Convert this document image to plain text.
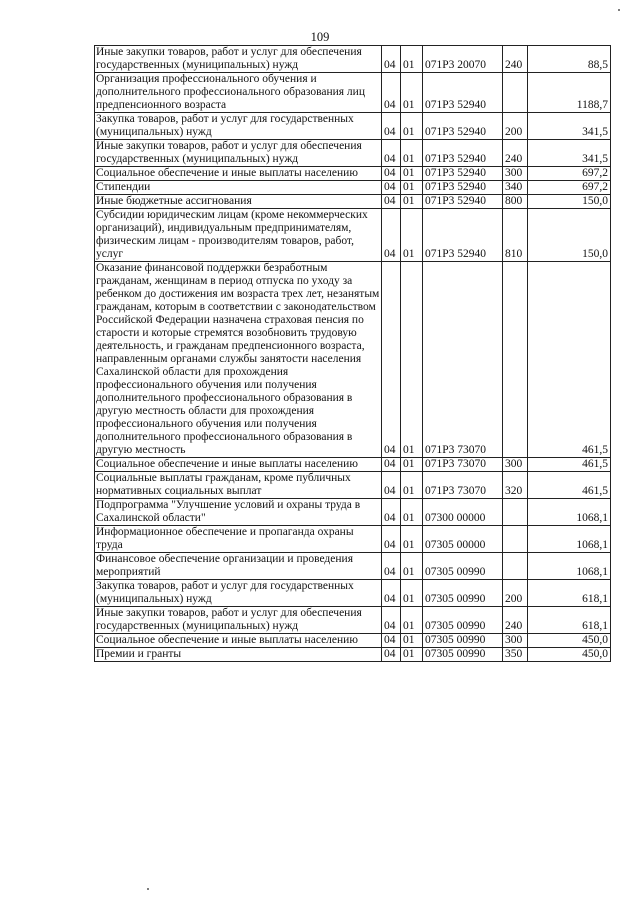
109
Иные закупки товаров, работ и услуг для обеспечения государственных (муниципальных) нужд	04	01	071Р3 20070	240	88,5
Организация профессионального обучения и дополнительного профессионального образования лиц предпенсионного возраста	04	01	071Р3 52940		1188,7
Закупка товаров, работ и услуг для государственных (муниципальных) нужд	04	01	071Р3 52940	200	341,5
Иные закупки товаров, работ и услуг для обеспечения государственных (муниципальных) нужд	04	01	071Р3 52940	240	341,5
Социальное обеспечение и иные выплаты населению	04	01	071Р3 52940	300	697,2
Стипендии	04	01	071Р3 52940	340	697,2
Иные бюджетные ассигнования	04	01	071Р3 52940	800	150,0
Субсидии юридическим лицам (кроме некоммерческих организаций), индивидуальным предпринимателям, физическим лицам - производителям товаров, работ, услуг	04	01	071Р3 52940	810	150,0
Оказание финансовой поддержки безработным гражданам, женщинам в период отпуска по уходу за ребенком до достижения им возраста трех лет, незанятым гражданам, которым в соответствии с законодательством Российской Федерации назначена страховая пенсия по старости и которые стремятся возобновить трудовую деятельность, и гражданам предпенсионного возраста, направленным органами службы занятости населения Сахалинской области для прохождения профессионального обучения или получения дополнительного профессионального образования в другую местность области для прохождения профессионального обучения или получения дополнительного профессионального образования в другую местность	04	01	071Р3 73070		461,5
Социальное обеспечение и иные выплаты населению	04	01	071Р3 73070	300	461,5
Социальные выплаты гражданам, кроме публичных нормативных социальных выплат	04	01	071Р3 73070	320	461,5
Подпрограмма "Улучшение условий и охраны труда в Сахалинской области"	04	01	07300 00000		1068,1
Информационное обеспечение и пропаганда охраны труда	04	01	07305 00000		1068,1
Финансовое обеспечение организации и проведения мероприятий	04	01	07305 00990		1068,1
Закупка товаров, работ и услуг для государственных (муниципальных) нужд	04	01	07305 00990	200	618,1
Иные закупки товаров, работ и услуг для обеспечения государственных (муниципальных) нужд	04	01	07305 00990	240	618,1
Социальное обеспечение и иные выплаты населению	04	01	07305 00990	300	450,0
Премии и гранты	04	01	07305 00990	350	450,0
